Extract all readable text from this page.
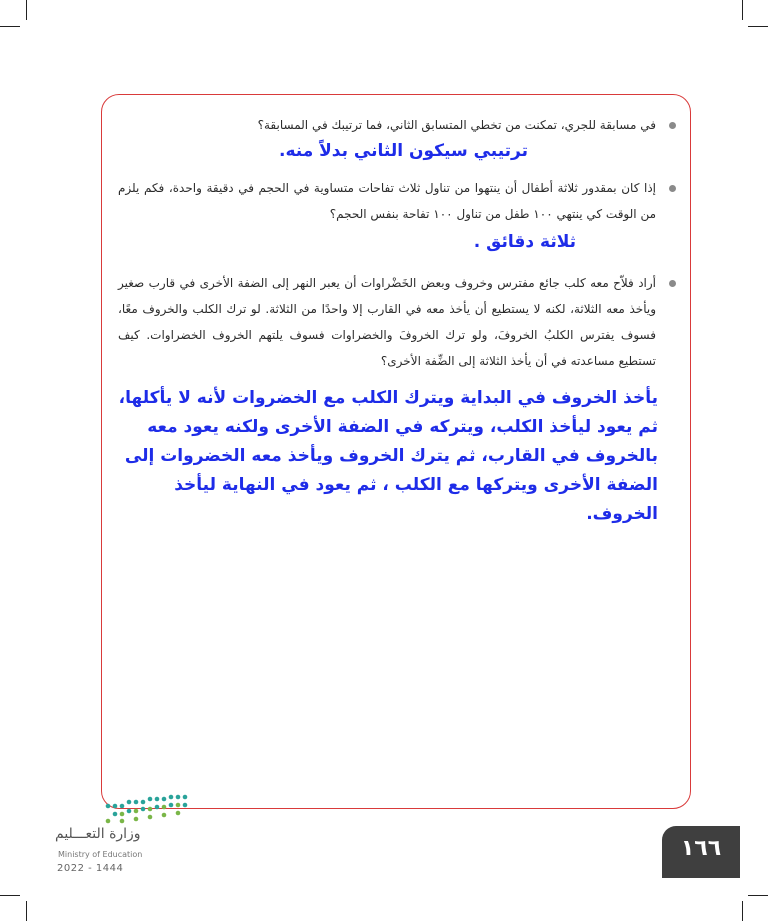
في مسابقة للجري، تمكنت من تخطي المتسابق الثاني، فما ترتيبك في المسابقة؟
ترتيبي سيكون الثاني بدلاً منه.
إذا كان بمقدور ثلاثة أطفال أن ينتهوا من تناول ثلاث تفاحات متساوية في الحجم في دقيقة واحدة، فكم يلزم من الوقت كي ينتهي ١٠٠ طفل من تناول ١٠٠ تفاحة بنفس الحجم؟
ثلاثة دقائق .
أراد فلاّح معه كلب جائع مفترس وخروف وبعض الخَضْراوات أن يعبر النهر إلى الضفة الأخرى في قارب صغير ويأخذ معه الثلاثة، لكنه لا يستطيع أن يأخذ معه في القارب إلا واحدًا من الثلاثة. لو ترك الكلب والخروف معًا، فسوف يفترس الكلبُ الخروفَ، ولو ترك الخروفَ والخضراوات فسوف يلتهم الخروف الخضراوات. كيف تستطيع مساعدته في أن يأخذ الثلاثة إلى الضِّفة الأخرى؟
يأخذ الخروف في البداية ويترك الكلب مع الخضروات لأنه لا يأكلها، ثم يعود ليأخذ الكلب، ويتركه في الضفة الأخرى ولكنه يعود معه بالخروف في القارب، ثم يترك الخروف ويأخذ معه الخضروات إلى الضفة الأخرى ويتركها مع الكلب ، ثم يعود في النهاية ليأخذ الخروف.
وزارة التعـــليم
Ministry of Education
2022 - 1444
١٦٦
